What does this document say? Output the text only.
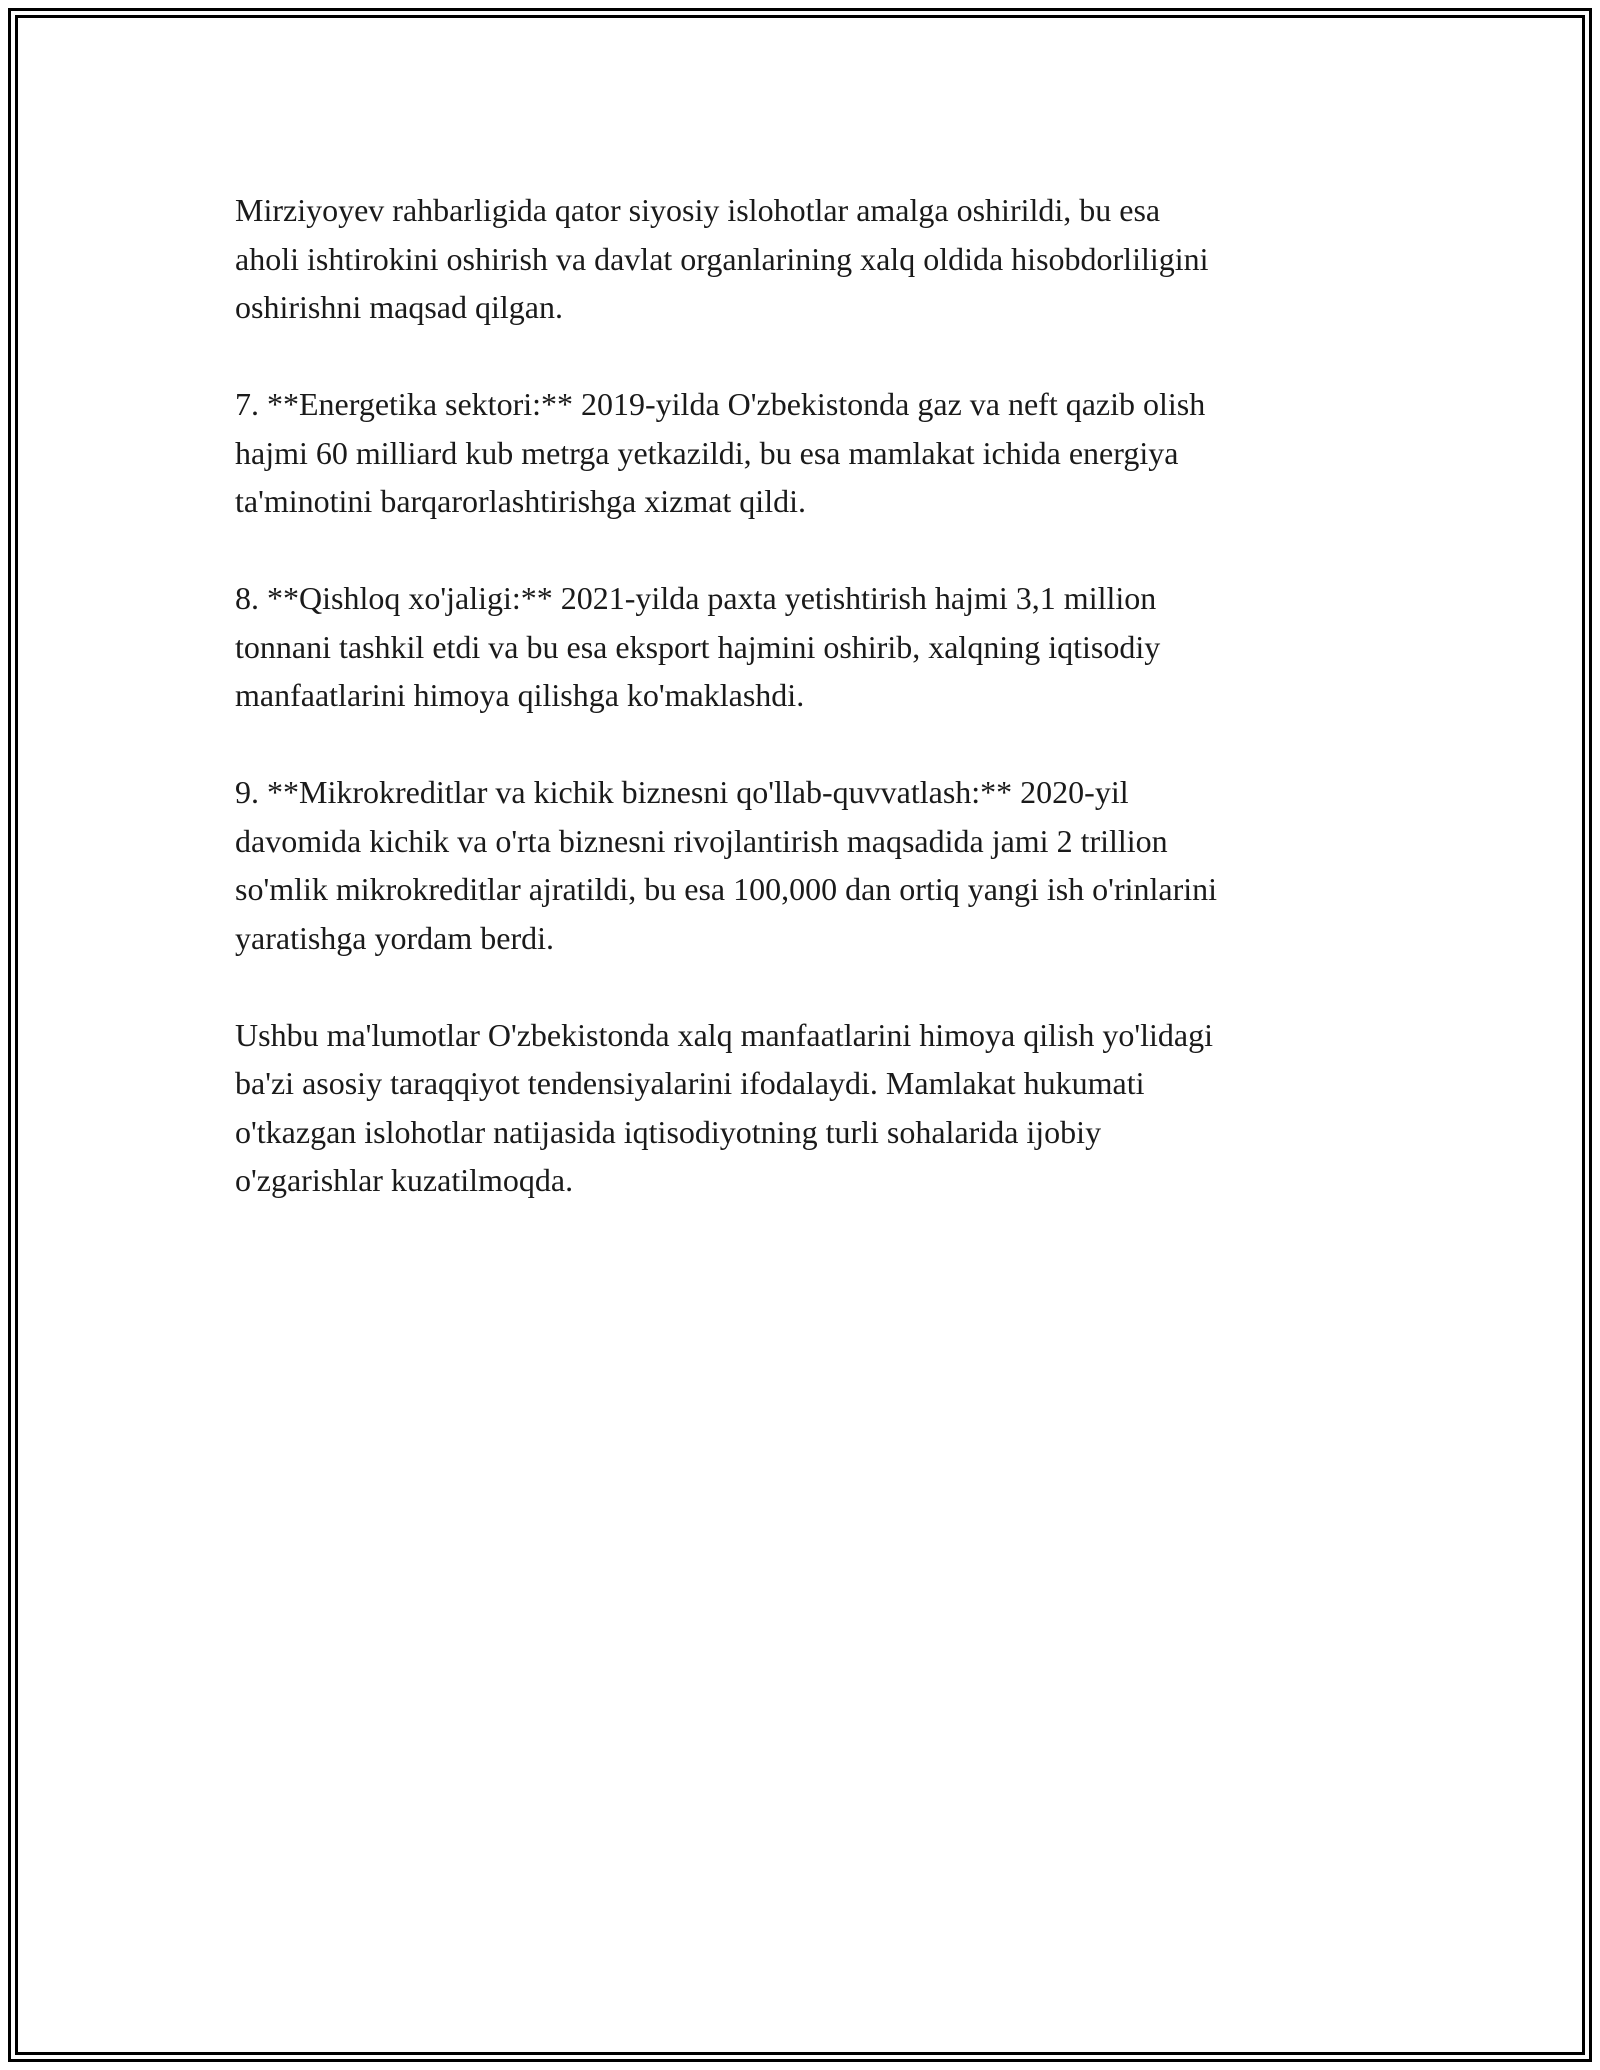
Mirziyoyev rahbarligida qator siyosiy islohotlar amalga oshirildi, bu esa
aholi ishtirokini oshirish va davlat organlarining xalq oldida hisobdorliligini
oshirishni maqsad qilgan.

7. **Energetika sektori:** 2019-yilda O'zbekistonda gaz va neft qazib olish
hajmi 60 milliard kub metrga yetkazildi, bu esa mamlakat ichida energiya
ta'minotini barqarorlashtirishga xizmat qildi.

8. **Qishloq xo'jaligi:** 2021-yilda paxta yetishtirish hajmi 3,1 million
tonnani tashkil etdi va bu esa eksport hajmini oshirib, xalqning iqtisodiy
manfaatlarini himoya qilishga ko'maklashdi.

9. **Mikrokreditlar va kichik biznesni qo'llab-quvvatlash:** 2020-yil
davomida kichik va o'rta biznesni rivojlantirish maqsadida jami 2 trillion
so'mlik mikrokreditlar ajratildi, bu esa 100,000 dan ortiq yangi ish o'rinlarini
yaratishga yordam berdi.

Ushbu ma'lumotlar O'zbekistonda xalq manfaatlarini himoya qilish yo'lidagi
ba'zi asosiy taraqqiyot tendensiyalarini ifodalaydi. Mamlakat hukumati
o'tkazgan islohotlar natijasida iqtisodiyotning turli sohalarida ijobiy
o'zgarishlar kuzatilmoqda.
